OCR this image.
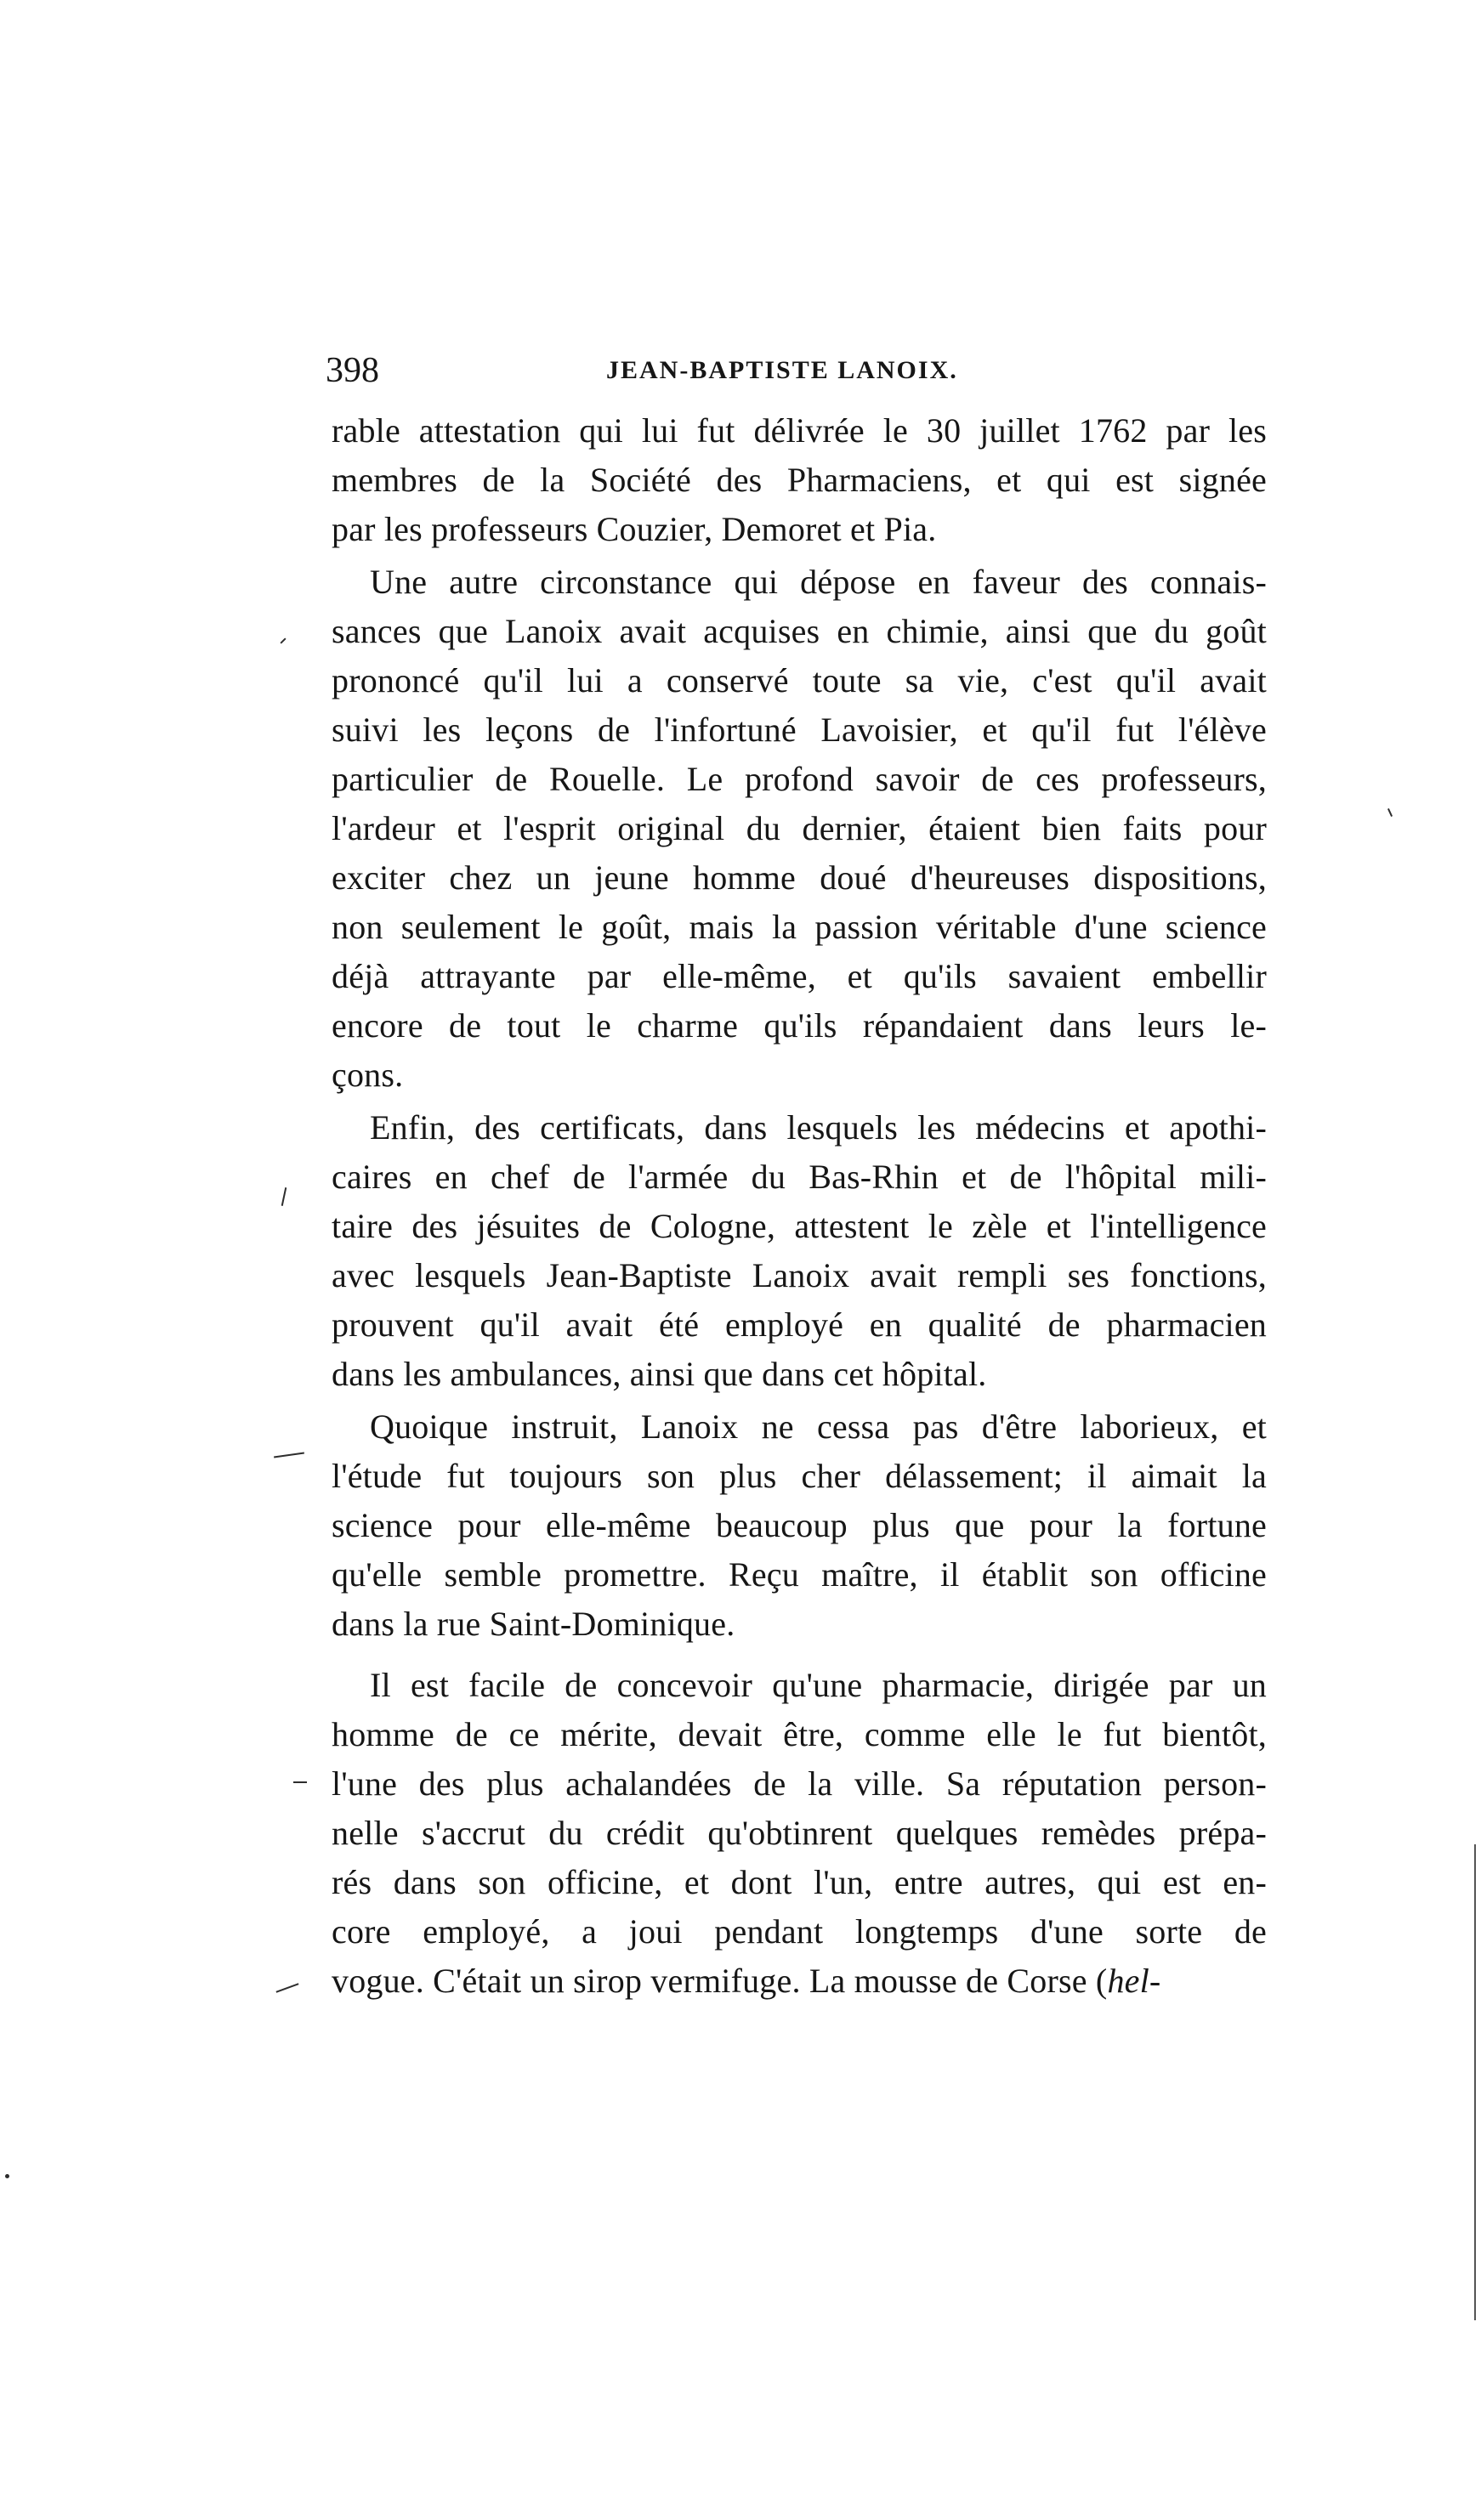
398	JEAN-BAPTISTE LANOIX.
rable attestation qui lui fut délivrée le 30 juillet 1762 par les
membres de la Société des Pharmaciens, et qui est signée
par les professeurs Couzier, Demoret et Pia.
Une autre circonstance qui dépose en faveur des connais-
sances que Lanoix avait acquises en chimie, ainsi que du goût
prononcé qu'il lui a conservé toute sa vie, c'est qu'il avait
suivi les leçons de l'infortuné Lavoisier, et qu'il fut l'élève
particulier de Rouelle. Le profond savoir de ces professeurs,
l'ardeur et l'esprit original du dernier, étaient bien faits pour
exciter chez un jeune homme doué d'heureuses dispositions,
non seulement le goût, mais la passion véritable d'une science
déjà attrayante par elle-même, et qu'ils savaient embellir
encore de tout le charme qu'ils répandaient dans leurs le-
çons.
Enfin, des certificats, dans lesquels les médecins et apothi-
caires en chef de l'armée du Bas-Rhin et de l'hôpital mili-
taire des jésuites de Cologne, attestent le zèle et l'intelligence
avec lesquels Jean-Baptiste Lanoix avait rempli ses fonctions,
prouvent qu'il avait été employé en qualité de pharmacien
dans les ambulances, ainsi que dans cet hôpital.
Quoique instruit, Lanoix ne cessa pas d'être laborieux, et
l'étude fut toujours son plus cher délassement; il aimait la
science pour elle-même beaucoup plus que pour la fortune
qu'elle semble promettre. Reçu maître, il établit son officine
dans la rue Saint-Dominique.
Il est facile de concevoir qu'une pharmacie, dirigée par un
homme de ce mérite, devait être, comme elle le fut bientôt,
l'une des plus achalandées de la ville. Sa réputation person-
nelle s'accrut du crédit qu'obtinrent quelques remèdes prépa-
rés dans son officine, et dont l'un, entre autres, qui est en-
core employé, a joui pendant longtemps d'une sorte de
vogue. C'était un sirop vermifuge. La mousse de Corse (hel-
